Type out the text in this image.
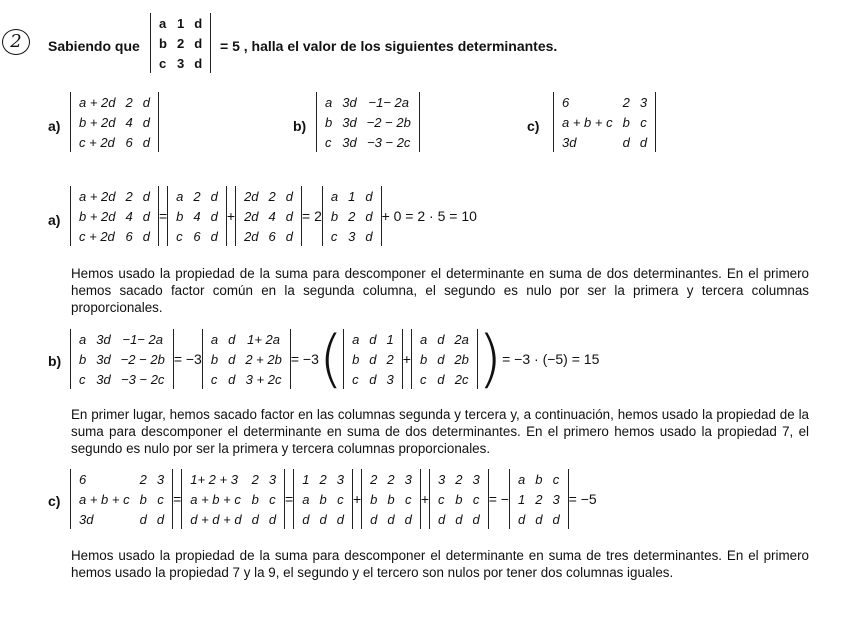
2	Sabiendo que
a	1	d
b	2	d
c	3	d
= 5 , halla el valor de los siguientes determinantes.
a)
a + 2d	2	d
b + 2d	4	d
c + 2d	6	d
b)
a	3d	−1− 2a
b	3d	−2 − 2b
c	3d	−3 − 2c
c)
6	2	3
a + b + c	b	c
3d	d	d
a)
a + 2d	2	d
b + 2d	4	d
c + 2d	6	d
=
a	2	d
b	4	d
c	6	d
+
2d	2	d
2d	4	d
2d	6	d
= 2
a	1	d
b	2	d
c	3	d
+ 0 = 2 · 5 = 10
Hemos usado la propiedad de la suma para descomponer el determinante en suma de dos determinantes. En el primero hemos sacado factor común en la segunda columna, el segundo es nulo por ser la primera y tercera columnas proporcionales.
b)
a	3d	−1− 2a
b	3d	−2 − 2b
c	3d	−3 − 2c
= −3
a	d	1+ 2a
b	d	2 + 2b
c	d	3 + 2c
= −3 ( a	d	1
b	d	2
c	d	3
+
a	d	2a
b	d	2b
c	d	2c ) = −3 · (−5) = 15
En primer lugar, hemos sacado factor en las columnas segunda y tercera y, a continuación, hemos usado la propiedad de la suma para descomponer el determinante en suma de dos determinantes. En el primero hemos usado la propiedad 7, el segundo es nulo por ser la primera y tercera columnas proporcionales.
c)
6	2	3
a + b + c	b	c
3d	d	d
=
1+ 2 + 3	2	3
a + b + c	b	c
d + d + d	d	d
=
1	2	3
a	b	c
d	d	d
+
2	2	3
b	b	c
d	d	d
+
3	2	3
c	b	c
d	d	d
= −
a	b	c
1	2	3
d	d	d
= −5
Hemos usado la propiedad de la suma para descomponer el determinante en suma de tres determinantes. En el primero hemos usado la propiedad 7 y la 9, el segundo y el tercero son nulos por tener dos columnas iguales.
